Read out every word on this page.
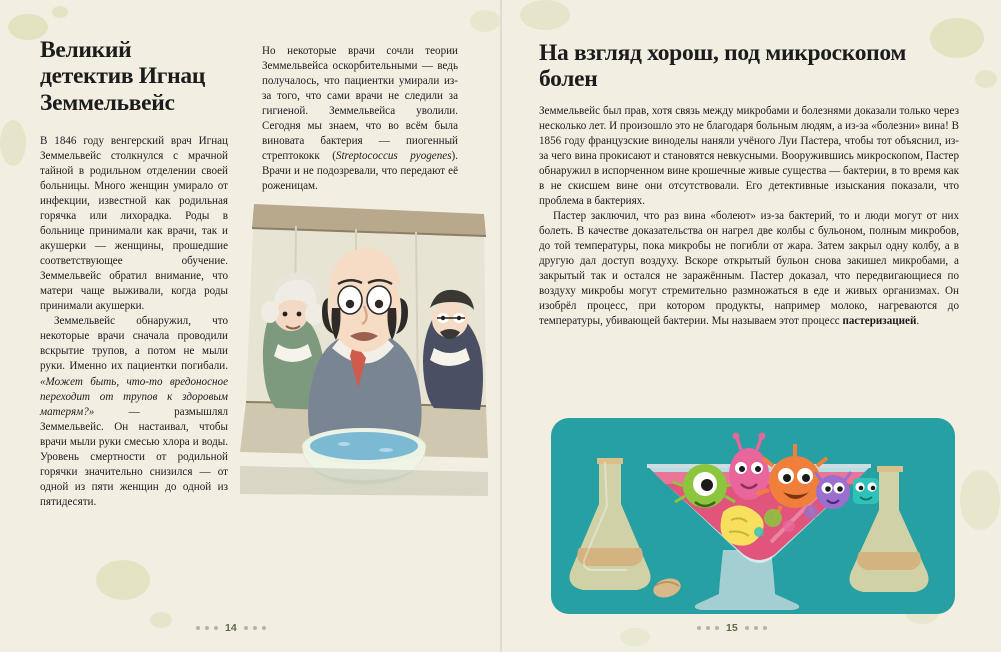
Великий детектив Игнац Земмельвейс

В 1846 году венгерский врач Игнац Земмельвейс столкнулся с мрачной тайной в родильном отделении своей больницы. Много женщин умирало от инфекции, известной как родильная горячка или лихорадка. Роды в больнице принимали как врачи, так и акушерки — женщины, прошедшие соответствующее обучение. Земмельвейс обратил внимание, что матери чаще выживали, когда роды принимали акушерки.

Земмельвейс обнаружил, что некоторые врачи сначала проводили вскрытие трупов, а потом не мыли руки. Именно их пациентки погибали. «Может быть, что-то вредоносное переходит от трупов к здоровым матерям?» — размышлял Земмельвейс. Он настаивал, чтобы врачи мыли руки смесью хлора и воды. Уровень смертности от родильной горячки значительно снизился — от одной из пяти женщин до одной из пятидесяти.

Но некоторые врачи сочли теории Земмельвейса оскорбительными — ведь получалось, что пациентки умирали из-за того, что сами врачи не следили за гигиеной. Земмельвейса уволили. Сегодня мы знаем, что во всём была виновата бактерия — пиогенный стрептококк (Streptococcus pyogenes). Врачи и не подозревали, что передают её роженицам.

14
На взгляд хорош, под микроскопом болен

Земмельвейс был прав, хотя связь между микробами и болезнями доказали только через несколько лет. И произошло это не благодаря больным людям, а из-за «болезни» вина! В 1856 году французские виноделы наняли учёного Луи Пастера, чтобы тот объяснил, из-за чего вина прокисают и становятся невкусными. Вооружившись микроскопом, Пастер обнаружил в испорченном вине крошечные живые существа — бактерии, в то время как в не скисшем вине они отсутствовали. Его детективные изыскания показали, что проблема в бактериях.

Пастер заключил, что раз вина «болеют» из-за бактерий, то и люди могут от них болеть. В качестве доказательства он нагрел две колбы с бульоном, полным микробов, до той температуры, пока микробы не погибли от жара. Затем закрыл одну колбу, а в другую дал доступ воздуху. Вскоре открытый бульон снова закишел микробами, а закрытый так и остался не заражённым. Пастер доказал, что передвигающиеся по воздуху микробы могут стремительно размножаться в еде и живых организмах. Он изобрёл процесс, при котором продукты, например молоко, нагреваются до температуры, убивающей бактерии. Мы называем этот процесс пастеризацией.

15
